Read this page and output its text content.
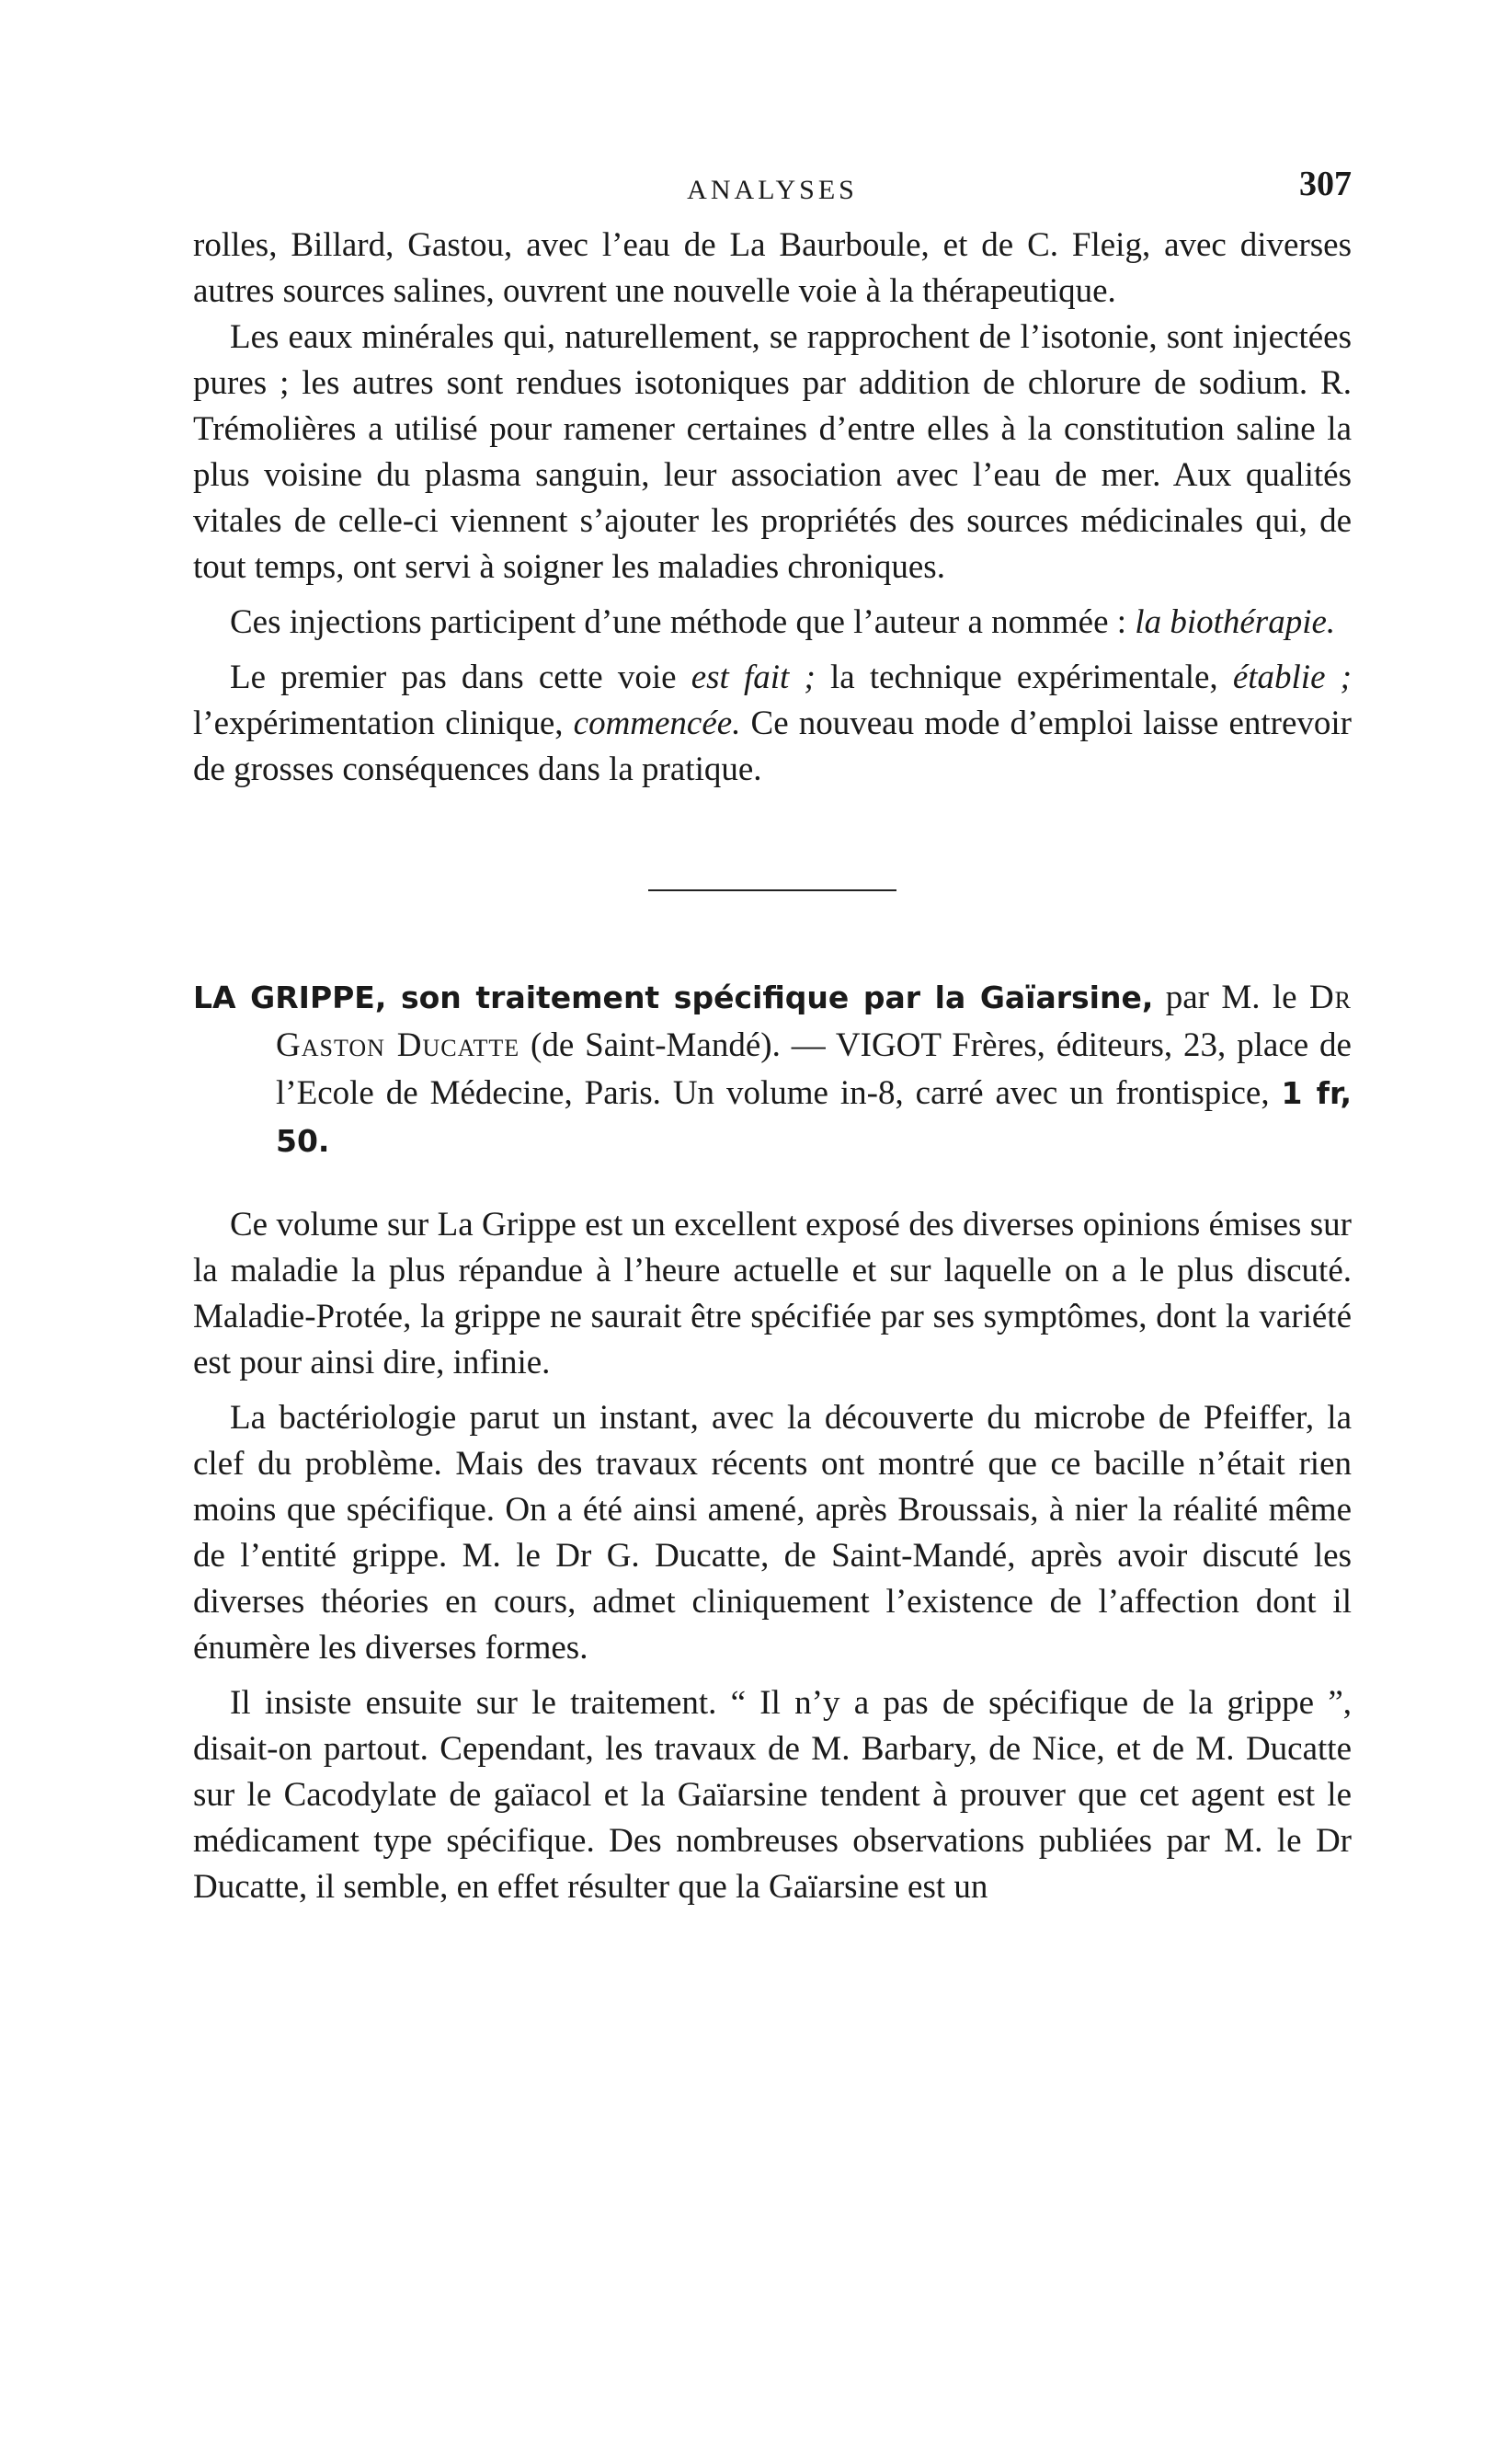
ANALYSES	307

rolles, Billard, Gastou, avec l’eau de La Baurboule, et de C. Fleig, avec diverses autres sources salines, ouvrent une nouvelle voie à la thérapeutique.

Les eaux minérales qui, naturellement, se rapprochent de l’isotonie, sont injectées pures ; les autres sont rendues isotoniques par addition de chlorure de sodium. R. Trémolières a utilisé pour ramener certaines d’entre elles à la constitution saline la plus voisine du plasma sanguin, leur association avec l’eau de mer. Aux qualités vitales de celle-ci viennent s’ajouter les propriétés des sources médicinales qui, de tout temps, ont servi à soigner les maladies chroniques.

Ces injections participent d’une méthode que l’auteur a nommée : la biothérapie.

Le premier pas dans cette voie est fait ; la technique expérimentale, établie ; l’expérimentation clinique, commencée. Ce nouveau mode d’emploi laisse entrevoir de grosses conséquences dans la pratique.

LA GRIPPE, son traitement spécifique par la Gaïarsine, par M. le Dr Gaston Ducatte (de Saint-Mandé). — VIGOT Frères, éditeurs, 23, place de l’Ecole de Médecine, Paris. Un volume in-8, carré avec un frontispice, 1 fr, 50.

Ce volume sur La Grippe est un excellent exposé des diverses opinions émises sur la maladie la plus répandue à l’heure actuelle et sur laquelle on a le plus discuté. Maladie-Protée, la grippe ne saurait être spécifiée par ses symptômes, dont la variété est pour ainsi dire, infinie.

La bactériologie parut un instant, avec la découverte du microbe de Pfeiffer, la clef du problème. Mais des travaux récents ont montré que ce bacille n’était rien moins que spécifique. On a été ainsi amené, après Broussais, à nier la réalité même de l’entité grippe. M. le Dr G. Ducatte, de Saint-Mandé, après avoir discuté les diverses théories en cours, admet cliniquement l’existence de l’affection dont il énumère les diverses formes.

Il insiste ensuite sur le traitement. “ Il n’y a pas de spécifique de la grippe ”, disait-on partout. Cependant, les travaux de M. Barbary, de Nice, et de M. Ducatte sur le Cacodylate de gaïacol et la Gaïarsine tendent à prouver que cet agent est le médicament type spécifique. Des nombreuses observations publiées par M. le Dr Ducatte, il semble, en effet résulter que la Gaïarsine est un
